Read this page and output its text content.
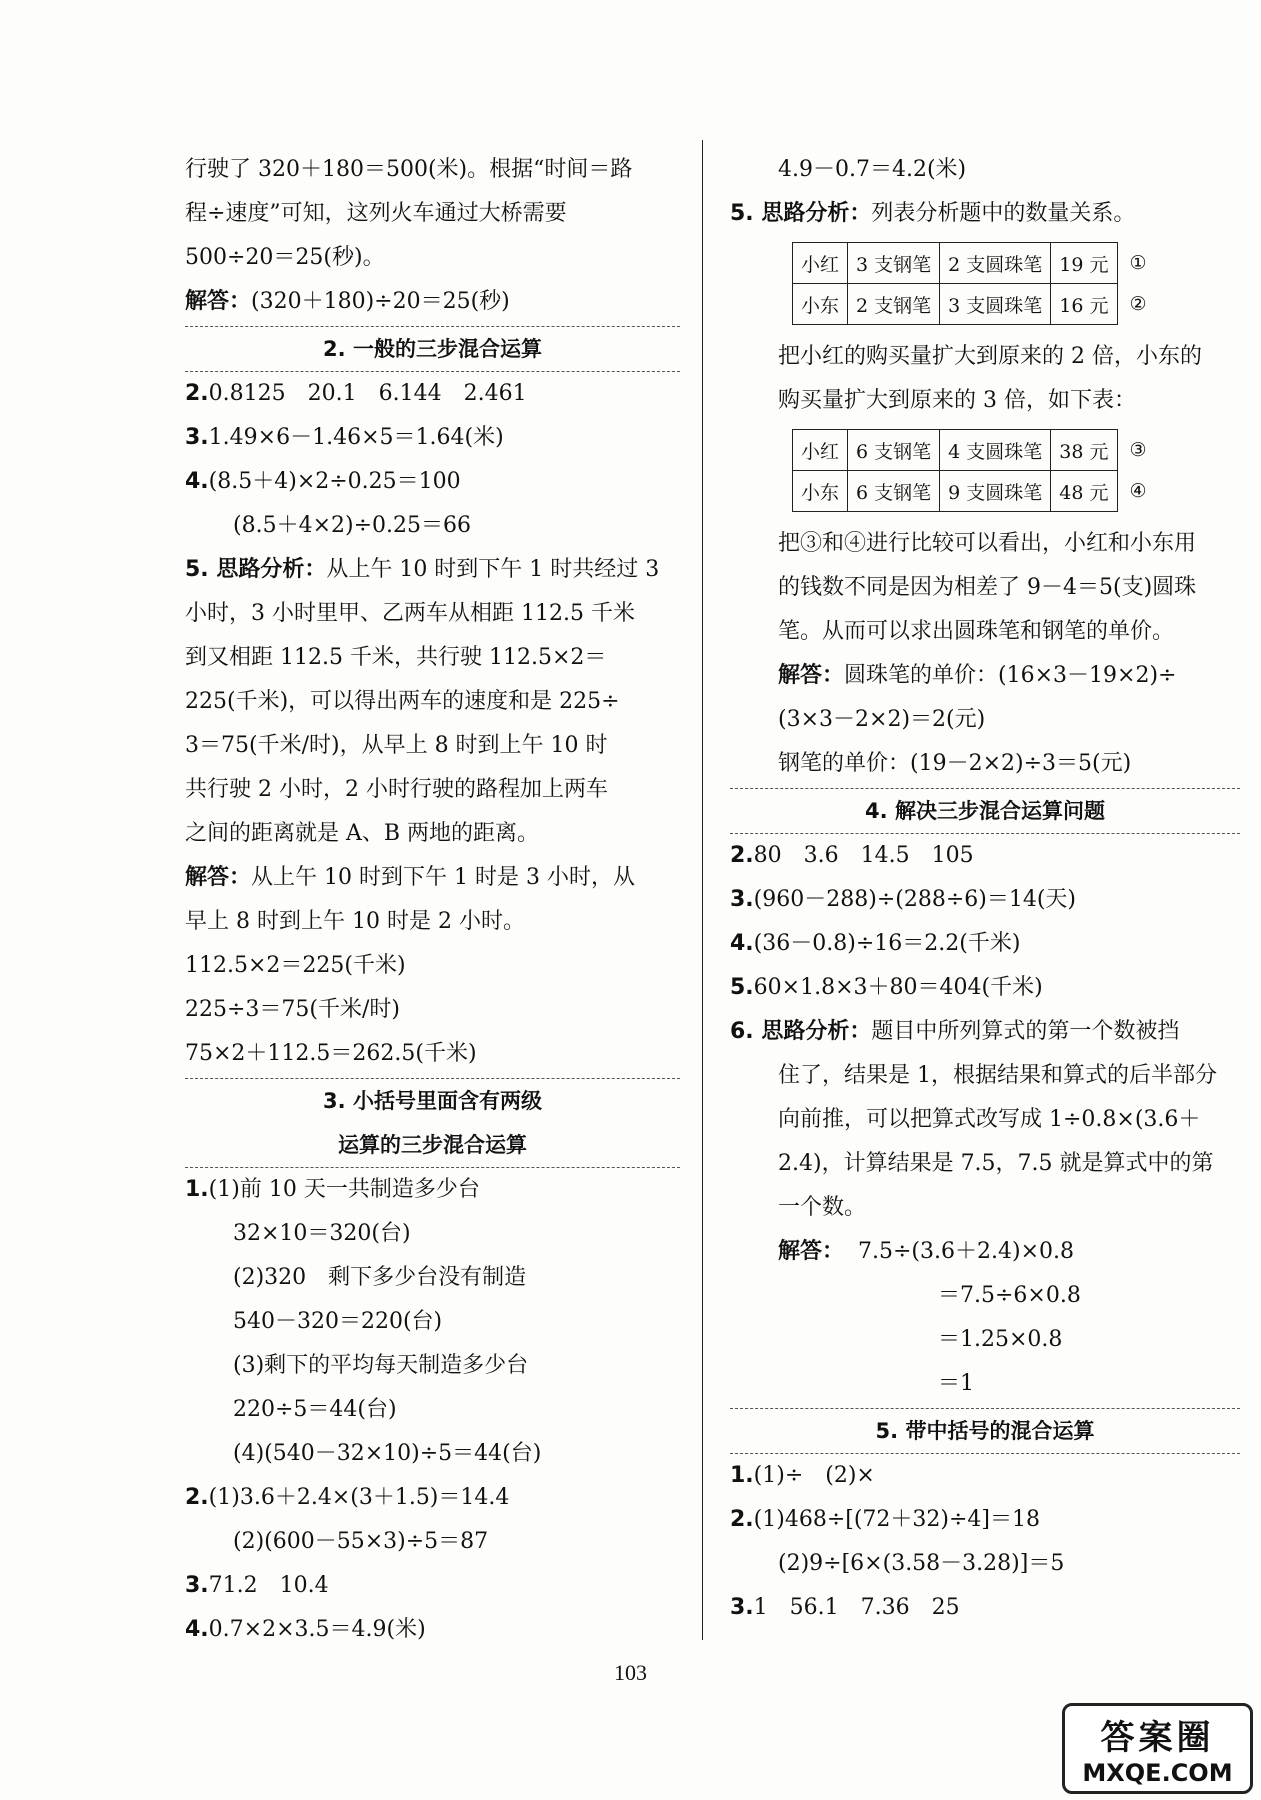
行驶了 320＋180＝500(米)。根据“时间＝路
程÷速度”可知，这列火车通过大桥需要
500÷20＝25(秒)。
解答：(320＋180)÷20＝25(秒)
2. 一般的三步混合运算
2.0.8125　20.1　6.144　2.461
3.1.49×6－1.46×5＝1.64(米)
4.(8.5＋4)×2÷0.25＝100
(8.5＋4×2)÷0.25＝66
5. 思路分析：从上午 10 时到下午 1 时共经过 3
小时，3 小时里甲、乙两车从相距 112.5 千米
到又相距 112.5 千米，共行驶 112.5×2＝
225(千米)，可以得出两车的速度和是 225÷
3＝75(千米/时)，从早上 8 时到上午 10 时
共行驶 2 小时，2 小时行驶的路程加上两车
之间的距离就是 A、B 两地的距离。
解答：从上午 10 时到下午 1 时是 3 小时，从
早上 8 时到上午 10 时是 2 小时。
112.5×2＝225(千米)
225÷3＝75(千米/时)
75×2＋112.5＝262.5(千米)
3. 小括号里面含有两级
运算的三步混合运算
1.(1)前 10 天一共制造多少台
32×10＝320(台)
(2)320　剩下多少台没有制造
540－320＝220(台)
(3)剩下的平均每天制造多少台
220÷5＝44(台)
(4)(540－32×10)÷5＝44(台)
2.(1)3.6＋2.4×(3＋1.5)＝14.4
(2)(600－55×3)÷5＝87
3.71.2　10.4
4.0.7×2×3.5＝4.9(米)
4.9－0.7＝4.2(米)
5. 思路分析：列表分析题中的数量关系。
小红	3 支钢笔	2 支圆珠笔	19 元	①
小东	2 支钢笔	3 支圆珠笔	16 元	②
把小红的购买量扩大到原来的 2 倍，小东的
购买量扩大到原来的 3 倍，如下表：
小红	6 支钢笔	4 支圆珠笔	38 元	③
小东	6 支钢笔	9 支圆珠笔	48 元	④
把③和④进行比较可以看出，小红和小东用
的钱数不同是因为相差了 9－4＝5(支)圆珠
笔。从而可以求出圆珠笔和钢笔的单价。
解答：圆珠笔的单价：(16×3－19×2)÷
(3×3－2×2)＝2(元)
钢笔的单价：(19－2×2)÷3＝5(元)
4. 解决三步混合运算问题
2.80　3.6　14.5　105
3.(960－288)÷(288÷6)＝14(天)
4.(36－0.8)÷16＝2.2(千米)
5.60×1.8×3＋80＝404(千米)
6. 思路分析：题目中所列算式的第一个数被挡
住了，结果是 1，根据结果和算式的后半部分
向前推，可以把算式改写成 1÷0.8×(3.6＋
2.4)，计算结果是 7.5，7.5 就是算式中的第
一个数。
解答： 7.5÷(3.6＋2.4)×0.8
＝7.5÷6×0.8
＝1.25×0.8
＝1
5. 带中括号的混合运算
1.(1)÷　(2)×
2.(1)468÷[(72＋32)÷4]＝18
(2)9÷[6×(3.58－3.28)]＝5
3.1　56.1　7.36　25
103
答案圈
MXQE.COM
